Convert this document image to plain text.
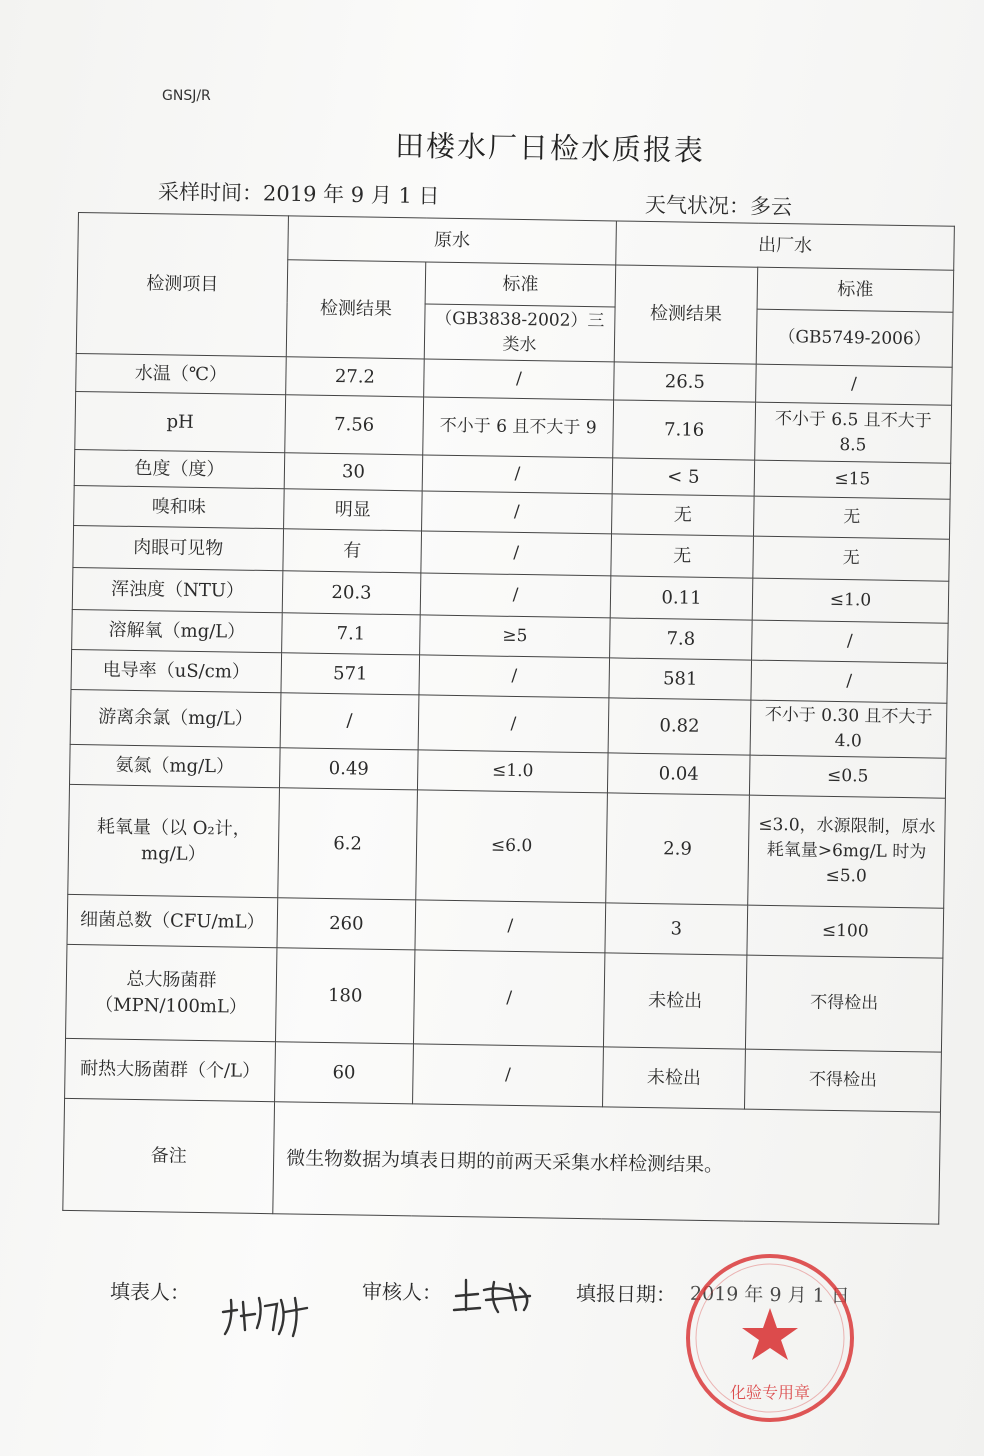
GNSJ/R
田楼水厂日检水质报表
采样时间：2019 年 9 月 1 日	天气状况：多云
检测项目	原水		出厂水	
	检测结果	标准	检测结果	标准
		（GB3838-2002）三类水		（GB5749-2006）
水温（℃）	27.2	/	26.5	/
pH	7.56	不小于 6 且不大于 9	7.16	不小于 6.5 且不大于 8.5
色度（度）	30	/	< 5	≤15
嗅和味	明显	/	无	无
肉眼可见物	有	/	无	无
浑浊度（NTU）	20.3	/	0.11	≤1.0
溶解氧（mg/L）	7.1	≥5	7.8	/
电导率（uS/cm）	571	/	581	/
游离余氯（mg/L）	/	/	0.82	不小于 0.30 且不大于 4.0
氨氮（mg/L）	0.49	≤1.0	0.04	≤0.5
耗氧量（以 O₂计，mg/L）	6.2	≤6.0	2.9	≤3.0，水源限制，原水耗氧量>6mg/L 时为≤5.0
细菌总数（CFU/mL）	260	/	3	≤100
总大肠菌群（MPN/100mL）	180	/	未检出	不得检出
耐热大肠菌群（个/L）	60	/	未检出	不得检出
备注	微生物数据为填表日期的前两天采集水样检测结果。			
填表人：	审核人：	填报日期： 2019 年 9 月 1 日
化验专用章
